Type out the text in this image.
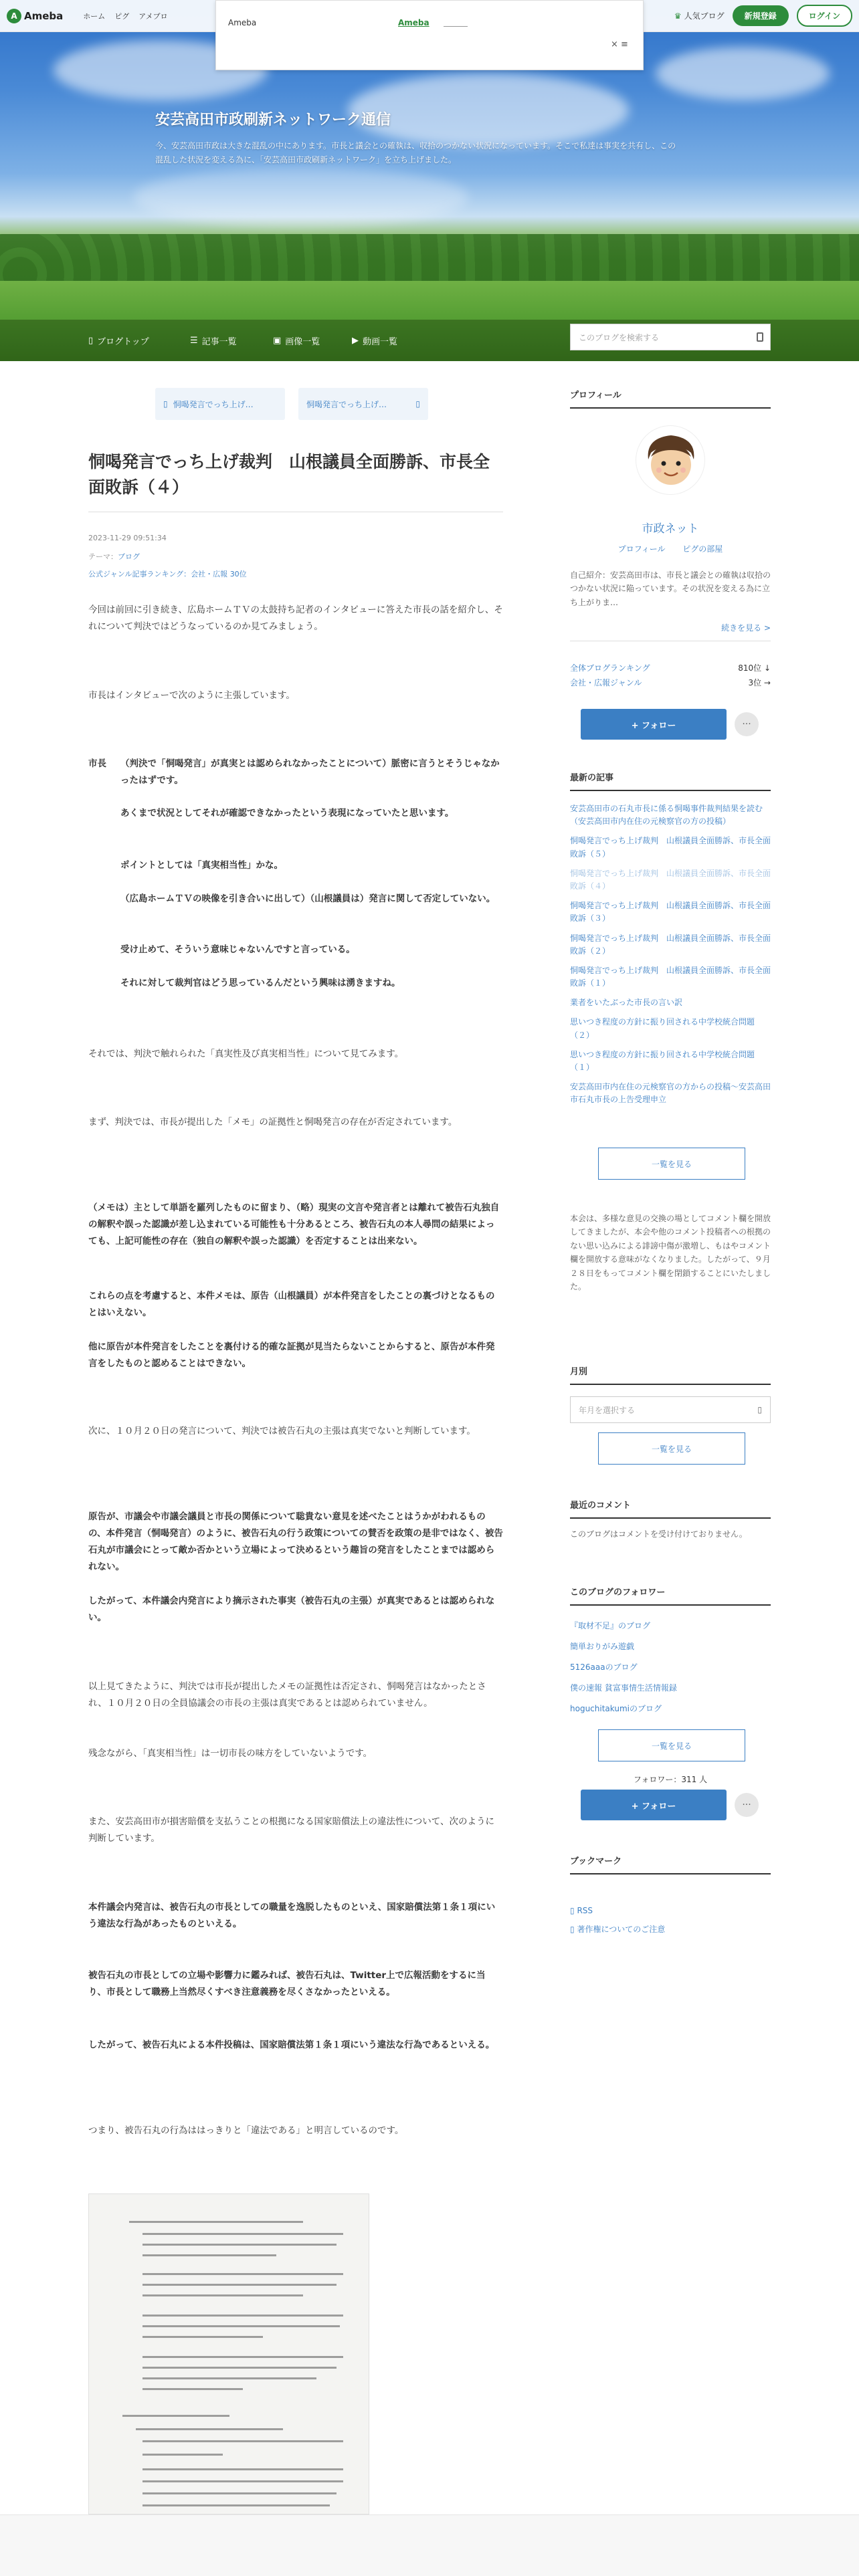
安芸高田市政刷新ネットワーク通信
今、安芸高田市政は大きな混乱の中にあります。市長と議会との確執は、収拾のつかない状況になっています。そこで私達は事実を共有し、この混乱した状況を変える為に、「安芸高田市政刷新ネットワーク」を立ち上げました。
▯ ブログトップ	☰ 記事一覧	▣ 画像一覧	▶ 動画一覧	このブログを検索する
A Ameba	ホーム ピグ アメブロ	♛ 人気ブログ	新規登録	ログイン
Ameba	Ameba
× ≡
▯ 恫喝発言でっち上げ…	恫喝発言でっち上げ…	▯
恫喝発言でっち上げ裁判　山根議員全面勝訴、市長全面敗訴（４）
2023-11-29 09:51:34
テーマ：ブログ
公式ジャンル記事ランキング：会社・広報 30位

今回は前回に引き続き、広島ホームＴＶの太鼓持ち記者のインタビューに答えた市長の話を紹介し、それについて判決ではどうなっているのか見てみましょう。

市長はインタビューで次のように主張しています。

市長	（判決で「恫喝発言」が真実とは認められなかったことについて）脈密に言うとそうじゃなかったはずです。
あくまで状況としてそれが確認できなかったという表現になっていたと思います。
ポイントとしては「真実相当性」かな。
（広島ホームＴＶの映像を引き合いに出して）（山根議員は）発言に関して否定していない。
受け止めて、そういう意味じゃないんですと言っている。
それに対して裁判官はどう思っているんだという興味は湧きますね。

それでは、判決で触れられた「真実性及び真実相当性」について見てみます。

まず、判決では、市長が提出した「メモ」の証拠性と恫喝発言の存在が否定されています。

（メモは）主として単語を羅列したものに留まり、（略）現実の文言や発言者とは離れて被告石丸独自の解釈や誤った認識が差し込まれている可能性も十分あるところ、被告石丸の本人尋問の結果によっても、上記可能性の存在（独自の解釈や誤った認識）を否定することは出来ない。

これらの点を考慮すると、本件メモは、原告（山根議員）が本件発言をしたことの裏づけとなるものとはいえない。

他に原告が本件発言をしたことを裏付ける的確な証拠が見当たらないことからすると、原告が本件発言をしたものと認めることはできない。

次に、１０月２０日の発言について、判決では被告石丸の主張は真実でないと判断しています。

原告が、市議会や市議会議員と市長の関係について聡貴ない意見を述べたことはうかがわれるものの、本件発言（恫喝発言）のように、被告石丸の行う政策についての賛否を政策の是非ではなく、被告石丸が市議会にとって敵か否かという立場によって決めるという趣旨の発言をしたことまでは認められない。

したがって、本件議会内発言により摘示された事実（被告石丸の主張）が真実であるとは認められない。

以上見てきたように、判決では市長が提出したメモの証拠性は否定され、恫喝発言はなかったとされ、１０月２０日の全員協議会の市長の主張は真実であるとは認められていません。

残念ながら、「真実相当性」は一切市長の味方をしていないようです。

また、安芸高田市が損害賠償を支払うことの根拠になる国家賠償法上の違法性について、次のように判断しています。

本件議会内発言は、被告石丸の市長としての職量を逸脱したものといえ、国家賠償法第１条１項にいう違法な行為があったものといえる。

被告石丸の市長としての立場や影響力に鑑みれば、被告石丸は、Twitter上で広報活動をするに当り、市長として職務上当然尽くすべき注意義務を尽くさなかったといえる。

したがって、被告石丸による本件投稿は、国家賠償法第１条１項にいう違法な行為であるといえる。

つまり、被告石丸の行為ははっきりと「違法である」と明言しているのです。

プロフィール
市政ネット
プロフィール ピグの部屋
自己紹介：安芸高田市は、市長と議会との確執は収拾のつかない状況に陥っています。その状況を変える為に立ち上がりま…
続きを見る >
全体ブログランキング	810位 ↓
会社・広報ジャンル	3位 →
+ フォロー	···
最新の記事
安芸高田市の石丸市長に係る恫喝事件裁判結果を読む（安芸高田市内在住の元検察官の方の投稿）
恫喝発言でっち上げ裁判　山根議員全面勝訴、市長全面敗訴（５）
恫喝発言でっち上げ裁判　山根議員全面勝訴、市長全面敗訴（４）
恫喝発言でっち上げ裁判　山根議員全面勝訴、市長全面敗訴（３）
恫喝発言でっち上げ裁判　山根議員全面勝訴、市長全面敗訴（２）
恫喝発言でっち上げ裁判　山根議員全面勝訴、市長全面敗訴（１）
業者をいたぶった市長の言い訳
思いつき程度の方針に振り回される中学校統合問題（２）
思いつき程度の方針に振り回される中学校統合問題（１）
安芸高田市内在住の元検察官の方からの投稿～安芸高田市石丸市長の上告受理申立
一覧を見る
本会は、多様な意見の交換の場としてコメント欄を開放してきましたが、本会や他のコメント投稿者への根拠のない思い込みによる誹謗中傷が激増し、もはやコメント欄を開放する意味がなくなりました。したがって、９月２８日をもってコメント欄を閉鎖することにいたしました。
月別
年月を選択する	▯
一覧を見る
最近のコメント
このブログはコメントを受け付けておりません。
このブログのフォロワー
『取材不足』のブログ
簡単おりがみ遊戯
5126aaaのブログ
僕の速報 貧富事情生活情報録
hoguchitakumiのブログ
一覧を見る
フォロワー：311 人
+ フォロー	···
ブックマーク
▯ RSS
▯ 著作権についてのご注意
